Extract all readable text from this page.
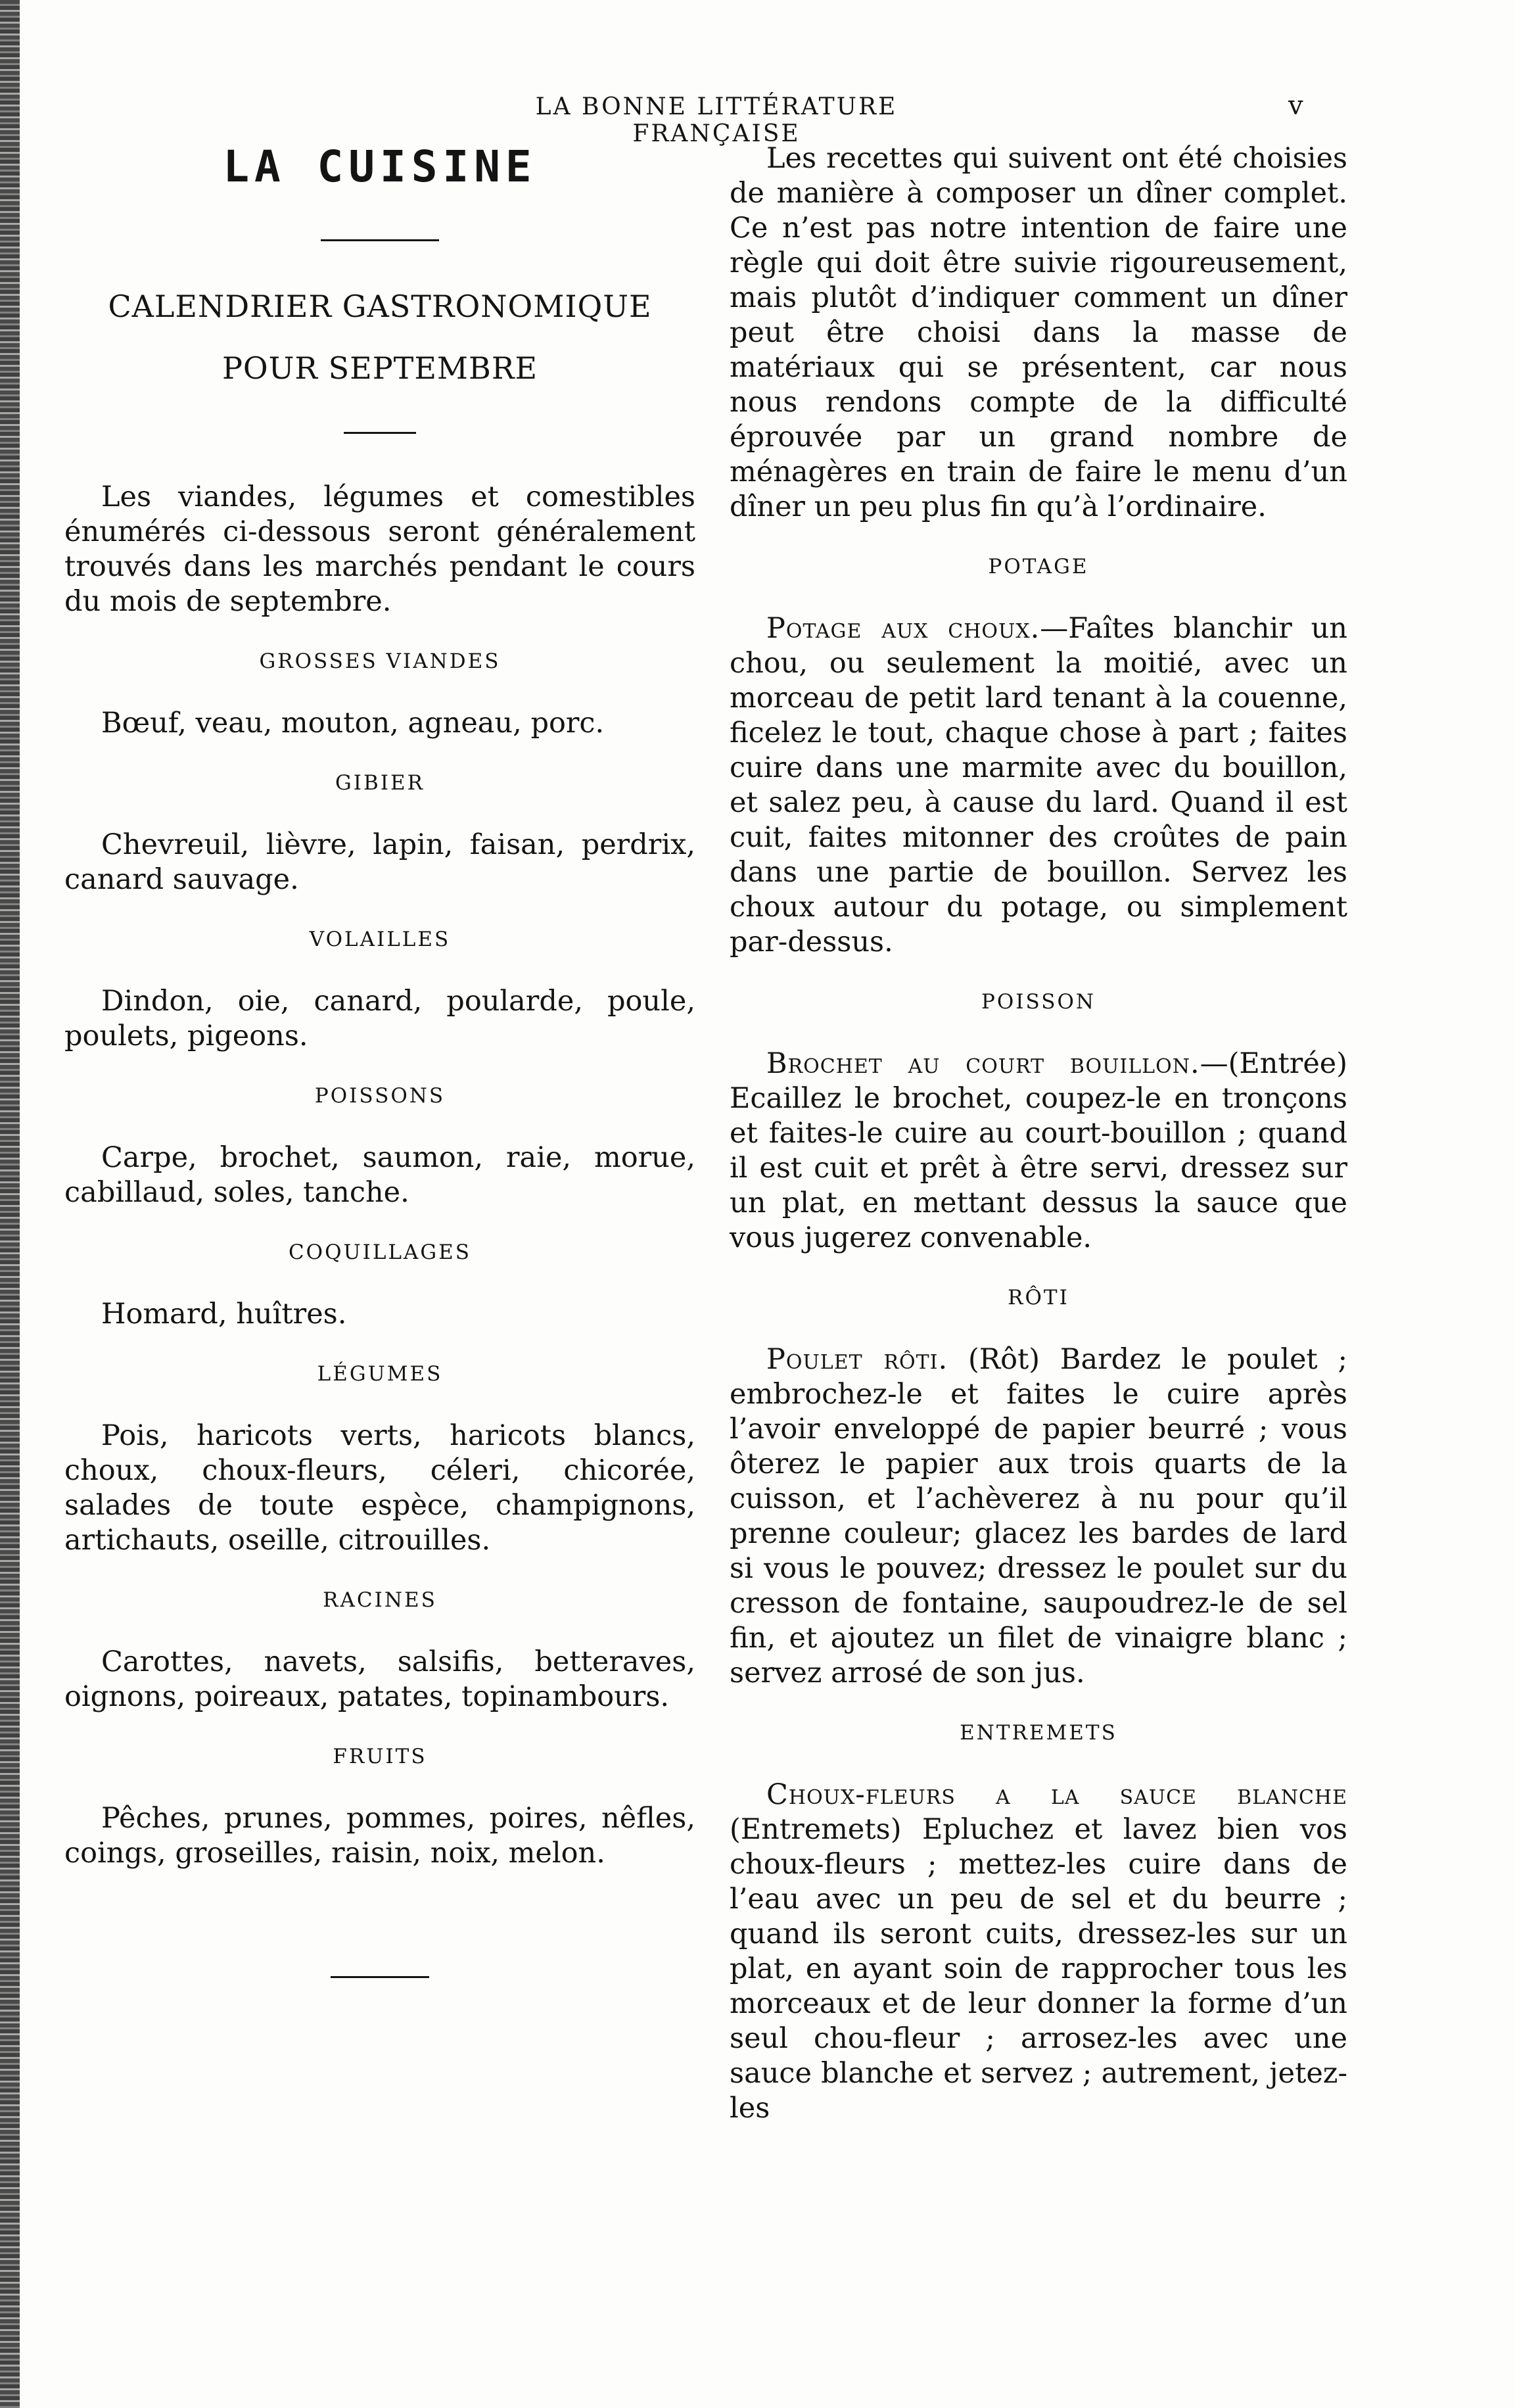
LA BONNE LITTÉRATURE FRANÇAISE
v
LA CUISINE
CALENDRIER GASTRONOMIQUE
POUR SEPTEMBRE

Les viandes, légumes et comestibles énumérés ci-dessous seront généralement trouvés dans les marchés pendant le cours du mois de septembre.

GROSSES VIANDES

Bœuf, veau, mouton, agneau, porc.

GIBIER

Chevreuil, lièvre, lapin, faisan, perdrix, canard sauvage.

VOLAILLES

Dindon, oie, canard, poularde, poule, poulets, pigeons.

POISSONS

Carpe, brochet, saumon, raie, morue, cabillaud, soles, tanche.

COQUILLAGES

Homard, huîtres.

LÉGUMES

Pois, haricots verts, haricots blancs, choux, choux-fleurs, céleri, chicorée, salades de toute espèce, champignons, artichauts, oseille, citrouilles.

RACINES

Carottes, navets, salsifis, betteraves, oignons, poireaux, patates, topinambours.

FRUITS

Pêches, prunes, pommes, poires, nêfles, coings, groseilles, raisin, noix, melon.

Les recettes qui suivent ont été choisies de manière à composer un dîner complet. Ce n’est pas notre intention de faire une règle qui doit être suivie rigoureusement, mais plutôt d’indiquer comment un dîner peut être choisi dans la masse de matériaux qui se présentent, car nous nous rendons compte de la difficulté éprouvée par un grand nombre de ménagères en train de faire le menu d’un dîner un peu plus fin qu’à l’ordinaire.

POTAGE

Potage aux choux.—Faîtes blanchir un chou, ou seulement la moitié, avec un morceau de petit lard tenant à la couenne, ficelez le tout, chaque chose à part ; faites cuire dans une marmite avec du bouillon, et salez peu, à cause du lard. Quand il est cuit, faites mitonner des croûtes de pain dans une partie de bouillon. Servez les choux autour du potage, ou simplement par-dessus.

POISSON

Brochet au court bouillon.—(Entrée) Ecaillez le brochet, coupez-le en tronçons et faites-le cuire au court-bouillon ; quand il est cuit et prêt à être servi, dressez sur un plat, en mettant dessus la sauce que vous jugerez convenable.

RÔTI

Poulet rôti. (Rôt) Bardez le poulet ; embrochez-le et faites le cuire après l’avoir enveloppé de papier beurré ; vous ôterez le papier aux trois quarts de la cuisson, et l’achèverez à nu pour qu’il prenne couleur; glacez les bardes de lard si vous le pouvez; dressez le poulet sur du cresson de fontaine, saupoudrez-le de sel fin, et ajoutez un filet de vinaigre blanc ; servez arrosé de son jus.

ENTREMETS

Choux-fleurs a la sauce blanche (Entremets) Epluchez et lavez bien vos choux-fleurs ; mettez-les cuire dans de l’eau avec un peu de sel et du beurre ; quand ils seront cuits, dressez-les sur un plat, en ayant soin de rapprocher tous les morceaux et de leur donner la forme d’un seul chou-fleur ; arrosez-les avec une sauce blanche et servez ; autrement, jetez-les
